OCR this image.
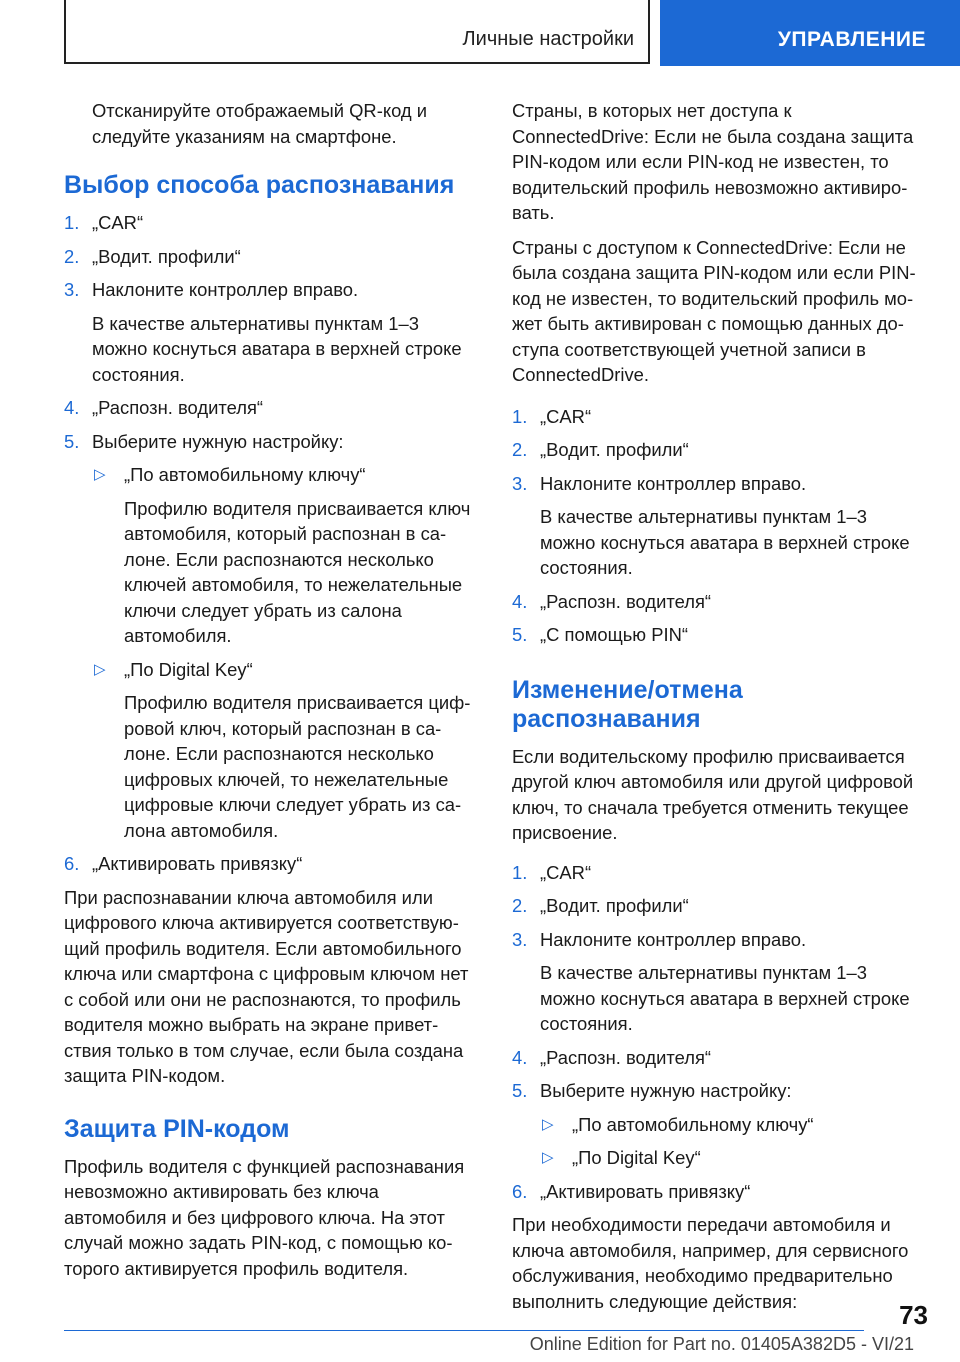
Личные настройки	УПРАВЛЕНИЕ

Отсканируйте отображаемый QR-код и
следуйте указаниям на смартфоне.

Выбор способа распознавания
1. „CAR“
2. „Водит. профили“
3. Наклоните контроллер вправо.
В качестве альтернативы пунктам 1–3
можно коснуться аватара в верхней строке
состояния.
4. „Распозн. водителя“
5. Выберите нужную настройку:
▷ „По автомобильному ключу“
Профилю водителя присваивается ключ
автомобиля, который распознан в са-
лоне. Если распознаются несколько
ключей автомобиля, то нежелательные
ключи следует убрать из салона
автомобиля.
▷ „По Digital Key“
Профилю водителя присваивается циф-
ровой ключ, который распознан в са-
лоне. Если распознаются несколько
цифровых ключей, то нежелательные
цифровые ключи следует убрать из са-
лона автомобиля.
6. „Активировать привязку“

При распознавании ключа автомобиля или
цифрового ключа активируется соответствую-
щий профиль водителя. Если автомобильного
ключа или смартфона с цифровым ключом нет
с собой или они не распознаются, то профиль
водителя можно выбрать на экране привет-
ствия только в том случае, если была создана
защита PIN-кодом.

Защита PIN-кодом

Профиль водителя с функцией распознавания
невозможно активировать без ключа
автомобиля и без цифрового ключа. На этот
случай можно задать PIN-код, с помощью ко-
торого активируется профиль водителя.

Страны, в которых нет доступа к
ConnectedDrive: Если не была создана защита
PIN-кодом или если PIN-код не известен, то
водительский профиль невозможно активиро-
вать.

Страны с доступом к ConnectedDrive: Если не
была создана защита PIN-кодом или если PIN-
код не известен, то водительский профиль мо-
жет быть активирован с помощью данных до-
ступа соответствующей учетной записи в
ConnectedDrive.

1. „CAR“
2. „Водит. профили“
3. Наклоните контроллер вправо.
В качестве альтернативы пунктам 1–3
можно коснуться аватара в верхней строке
состояния.
4. „Распозн. водителя“
5. „С помощью PIN“
Изменение/отмена
распознавания

Если водительскому профилю присваивается
другой ключ автомобиля или другой цифровой
ключ, то сначала требуется отменить текущее
присвоение.

1. „CAR“
2. „Водит. профили“
3. Наклоните контроллер вправо.
В качестве альтернативы пунктам 1–3
можно коснуться аватара в верхней строке
состояния.
4. „Распозн. водителя“
5. Выберите нужную настройку:
▷ „По автомобильному ключу“
▷ „По Digital Key“
6. „Активировать привязку“

При необходимости передачи автомобиля и
ключа автомобиля, например, для сервисного
обслуживания, необходимо предварительно
выполнить следующие действия:	73
Online Edition for Part no. 01405A382D5 - VI/21
